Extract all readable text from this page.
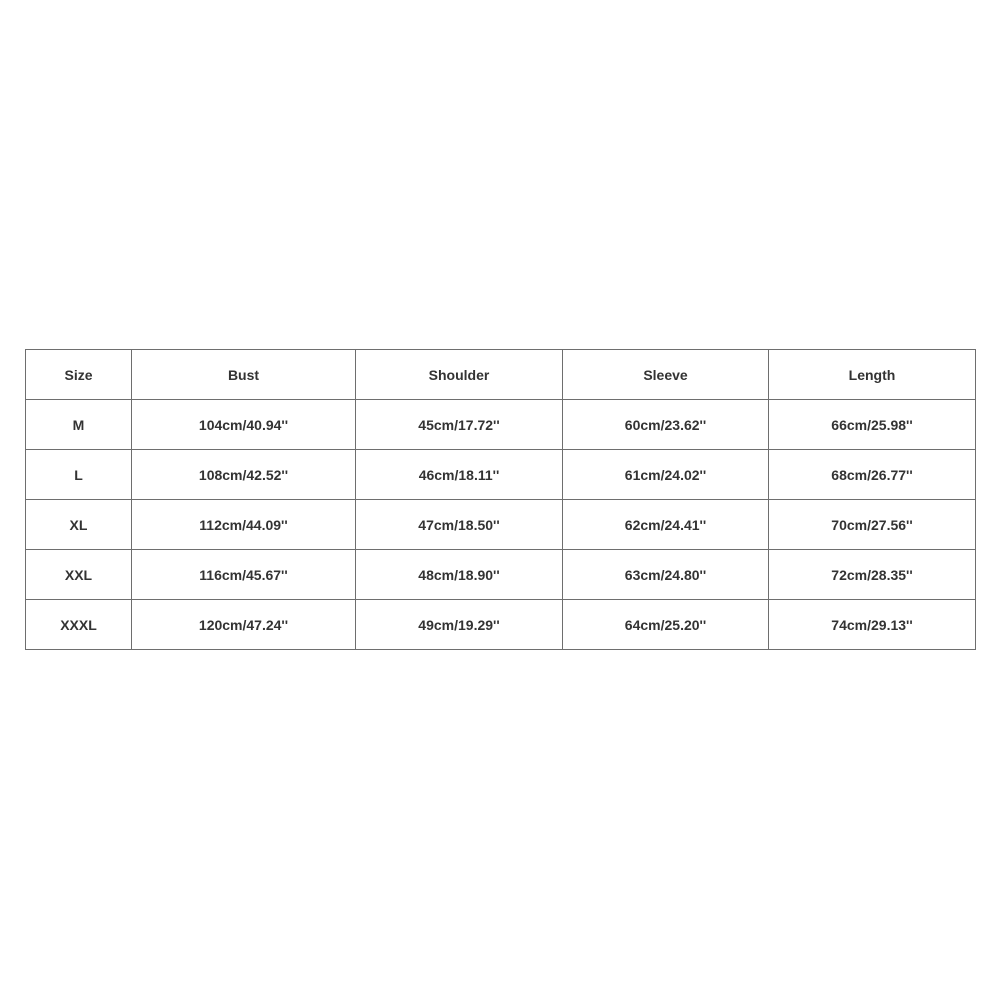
Size	Bust	Shoulder	Sleeve	Length
M	104cm/40.94''	45cm/17.72''	60cm/23.62''	66cm/25.98''
L	108cm/42.52''	46cm/18.11''	61cm/24.02''	68cm/26.77''
XL	112cm/44.09''	47cm/18.50''	62cm/24.41''	70cm/27.56''
XXL	116cm/45.67''	48cm/18.90''	63cm/24.80''	72cm/28.35''
XXXL	120cm/47.24''	49cm/19.29''	64cm/25.20''	74cm/29.13''
